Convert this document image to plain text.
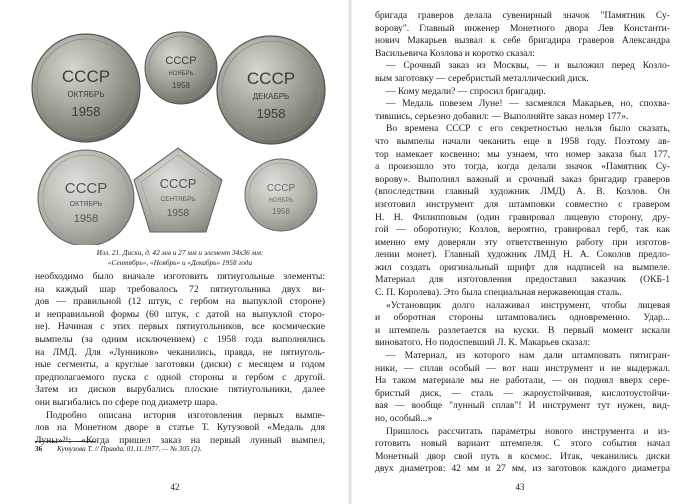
СССР
ОКТЯБРЬ
1958
СССР
НОЯБРЬ
1958	СССР
ДЕКАБРЬ
1958
СССР
ОКТЯБРЬ
1958
СССР
СЕНТЯБРЬ
1958
СССР
НОЯБРЬ
1958
Илл. 21. Диски, д. 42 мм и 27 мм и элемент 34х36 мм:
«Сентябрь», «Ноябрь» и «Декабрь» 1958 года
необходимо было вначале изготовить пятиугольные элементы:
на каждый шар требовалось 72 пятиугольника двух ви-
дов — правильной (12 штук, с гербом на выпуклой стороне)
и неправильной формы (60 штук, с датой на выпуклой сторо-
не). Начиная с этих первых пятиугольников, все космические
вымпелы (за одним исключением) с 1958 года выполнялись
на ЛМД. Для «Лунников» чеканились, правда, не пятиуголь-
ные сегменты, а круглые заготовки (диски) с месяцем и годом
предполагаемого пуска с одной стороны и гербом с другой.
Затем из дисков вырубались плоские пятиугольники, далее
они выгибались по сфере под диаметр шара.
Подробно описана история изготовления первых вымпе-
лов на Монетном дворе в статье Т. Кутузовой «Медаль для
Луны»³⁶: «Когда пришел заказ на первый лунный вымпел,
36 Кутузова Т. // Правда. 01.11.1977. — № 305 (2).
42
бригада граверов делала сувенирный значок "Памятник Су-
ворову". Главный инженер Монетного двора Лев Константи-
нович Макарьев вызвал к себе бригадира граверов Александра
Васильевича Козлова и коротко сказал:
— Срочный заказ из Москвы, — и выложил перед Козло-
вым заготовку — серебристый металлический диск.
— Кому медали? — спросил бригадир.
— Медаль повезем Луне! — засмеялся Макарьев, но, спохва-
тившись, серьезно добавил: — Выполняйте заказ номер 177».
Во времена СССР с его секретностью нельзя было сказать,
что вымпелы начали чеканить еще в 1958 году. Поэтому ав-
тор намекает косвенно: мы узнаем, что номер заказа был 177,
а произошло это тогда, когда делали значок «Памятник Су-
ворову». Выполнял важный и срочный заказ бригадир граверов
(впоследствии главный художник ЛМД) А. В. Козлов. Он
изготовил инструмент для штамповки совместно с гравером
Н. Н. Филипповым (один гравировал лицевую сторону, дру-
гой — оборотную; Козлов, вероятно, гравировал герб, так как
именно ему доверяли эту ответственную работу при изготов-
лении монет). Главный художник ЛМД Н. А. Соколов предло-
жил создать оригинальный шрифт для надписей на вымпеле.
Материал для изготовления предоставил заказчик (ОКБ-1
С. П. Королева). Это была специальная нержавеющая сталь.
«Установщик долго налаживал инструмент, чтобы лицевая
и оборотная стороны штамповались одновременно. Удар...
и штемпель разлетается на куски. В первый момент искали
виноватого. Но подоспевший Л. К. Макарьев сказал:
— Материал, из которого нам дали штамповать пятигран-
ники, — сплав особый — вот наш инструмент и не выдержал.
На таком материале мы не работали, — он поднял вверх сере-
бристый диск, — сталь — жароустойчивая, кислотоустойчи-
вая — вообще "лунный сплав"! И инструмент тут нужен, вид-
но, особый...»
Пришлось рассчитать параметры нового инструмента и из-
готовить новый вариант штемпеля. С этого события начал
Монетный двор свой путь в космос. Итак, чеканились диски
двух диаметров: 42 мм и 27 мм, из заготовок каждого диаметра
43
